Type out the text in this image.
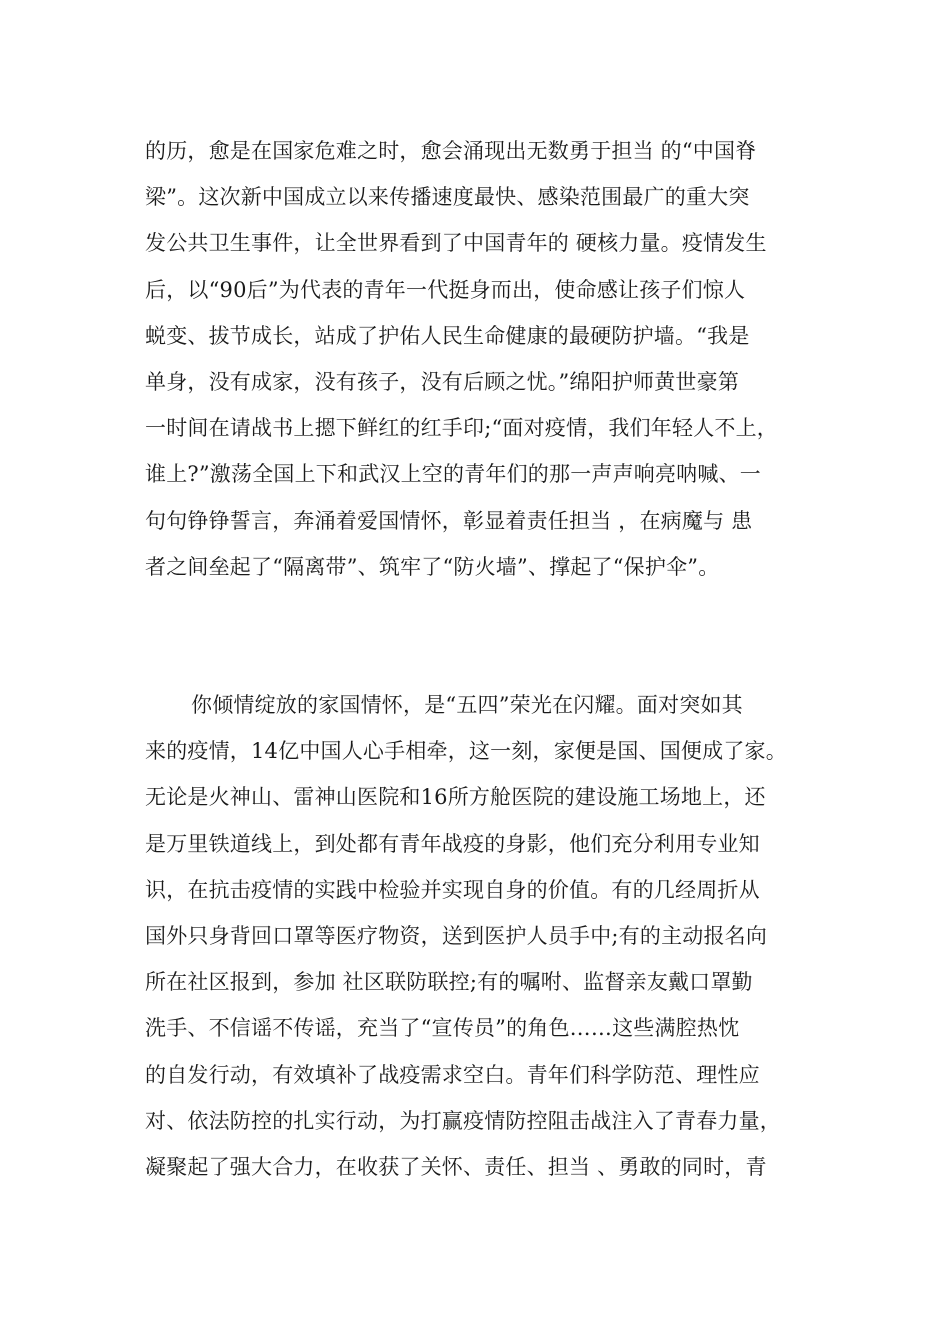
的历，愈是在国家危难之时，愈会涌现出无数勇于担当 的“中国脊
梁”。这次新中国成立以来传播速度最快、感染范围最广的重大突
发公共卫生事件，让全世界看到了中国青年的 硬核力量。疫情发生
后，以“90后”为代表的青年一代挺身而出，使命感让孩子们惊人
蜕变、拔节成长，站成了护佑人民生命健康的最硬防护墙。“我是
单身，没有成家，没有孩子，没有后顾之忧。”绵阳护师黄世豪第
一时间在请战书上摁下鲜红的红手印;“面对疫情，我们年轻人不上，
谁上?”激荡全国上下和武汉上空的青年们的那一声声响亮呐喊、一
句句铮铮誓言，奔涌着爱国情怀，彰显着责任担当 ，在病魔与 患
者之间垒起了“隔离带”、筑牢了“防火墙”、撑起了“保护伞”。
你倾情绽放的家国情怀，是“五四”荣光在闪耀。面对突如其
来的疫情，14亿中国人心手相牵，这一刻，家便是国、国便成了家。
无论是火神山、雷神山医院和16所方舱医院的建设施工场地上，还
是万里铁道线上，到处都有青年战疫的身影，他们充分利用专业知
识，在抗击疫情的实践中检验并实现自身的价值。有的几经周折从
国外只身背回口罩等医疗物资，送到医护人员手中;有的主动报名向
所在社区报到，参加 社区联防联控;有的嘱咐、监督亲友戴口罩勤
洗手、不信谣不传谣，充当了“宣传员”的角色……这些满腔热忱
的自发行动，有效填补了战疫需求空白。青年们科学防范、理性应
对、依法防控的扎实行动，为打赢疫情防控阻击战注入了青春力量，
凝聚起了强大合力，在收获了关怀、责任、担当 、勇敢的同时，青
